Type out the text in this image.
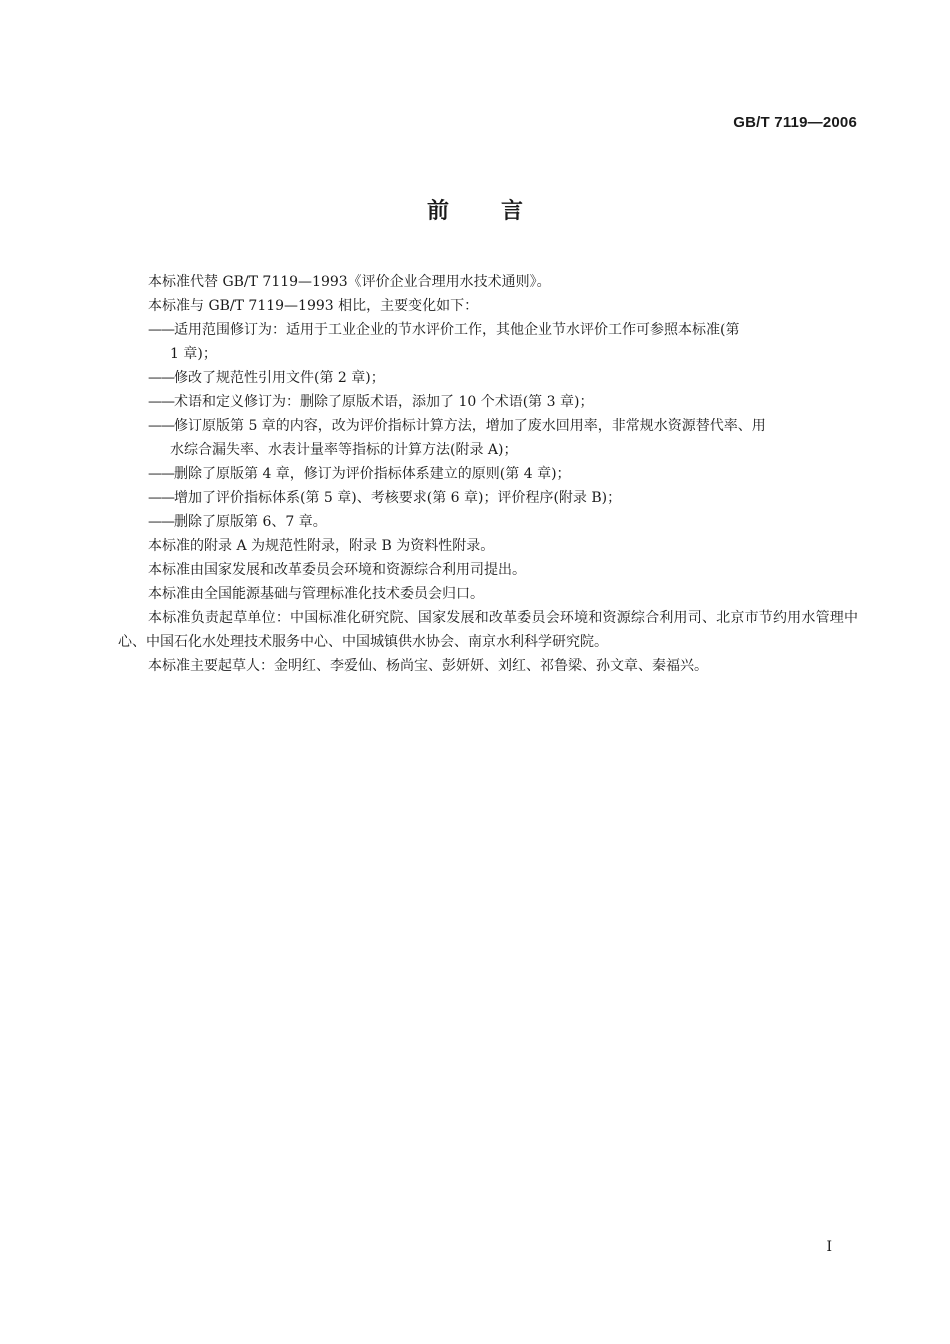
GB/T 7119—2006
前 言

本标准代替 GB/T 7119—1993《评价企业合理用水技术通则》。

本标准与 GB/T 7119—1993 相比，主要变化如下：

——适用范围修订为：适用于工业企业的节水评价工作，其他企业节水评价工作可参照本标准(第
1 章)；
——修改了规范性引用文件(第 2 章)；
——术语和定义修订为：删除了原版术语，添加了 10 个术语(第 3 章)；
——修订原版第 5 章的内容，改为评价指标计算方法，增加了废水回用率，非常规水资源替代率、用
水综合漏失率、水表计量率等指标的计算方法(附录 A)；
——删除了原版第 4 章，修订为评价指标体系建立的原则(第 4 章)；
——增加了评价指标体系(第 5 章)、考核要求(第 6 章)；评价程序(附录 B)；
——删除了原版第 6、7 章。

本标准的附录 A 为规范性附录，附录 B 为资料性附录。

本标准由国家发展和改革委员会环境和资源综合利用司提出。

本标准由全国能源基础与管理标准化技术委员会归口。

本标准负责起草单位：中国标准化研究院、国家发展和改革委员会环境和资源综合利用司、北京市节约用水管理中心、中国石化水处理技术服务中心、中国城镇供水协会、南京水利科学研究院。

本标准主要起草人：金明红、李爱仙、杨尚宝、彭妍妍、刘红、祁鲁梁、孙文章、秦福兴。

I
